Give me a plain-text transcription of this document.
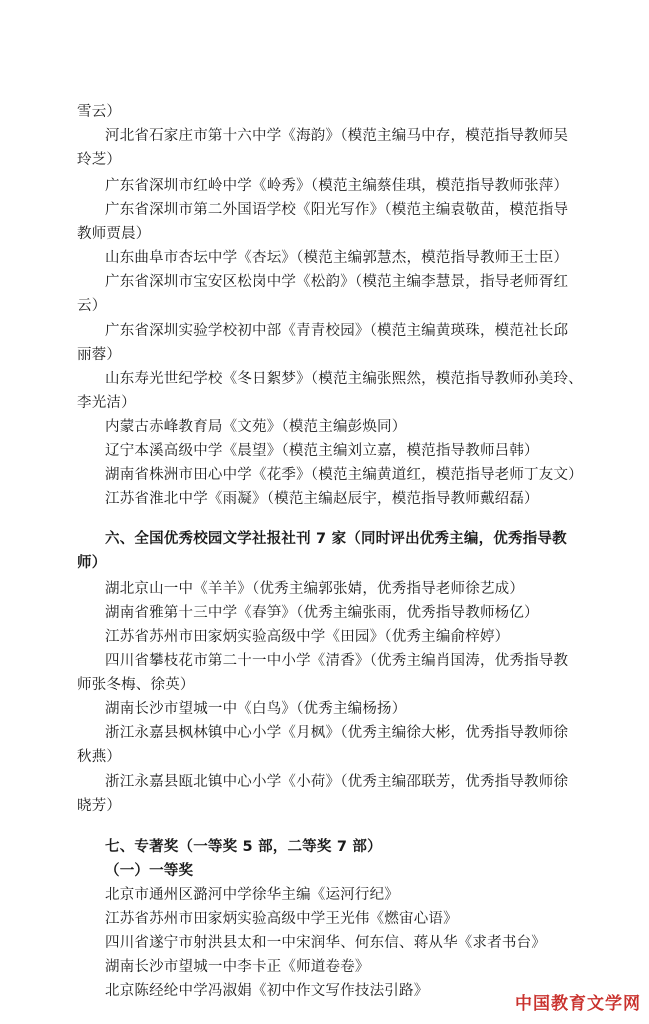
雪云）

河北省石家庄市第十六中学《海韵》（模范主编马中存，模范指导教师吴

玲芝）

广东省深圳市红岭中学《岭秀》（模范主编蔡佳琪，模范指导教师张萍）

广东省深圳市第二外国语学校《阳光写作》（模范主编袁敬苗，模范指导

教师贾晨）

山东曲阜市杏坛中学《杏坛》（模范主编郭慧杰，模范指导教师王士臣）

广东省深圳市宝安区松岗中学《松韵》（模范主编李慧景，指导老师胥红

云）

广东省深圳实验学校初中部《青青校园》（模范主编黄瑛珠，模范社长邱

丽蓉）

山东寿光世纪学校《冬日絮梦》（模范主编张熙然，模范指导教师孙美玲、

李光洁）

内蒙古赤峰教育局《文苑》（模范主编彭焕同）

辽宁本溪高级中学《晨望》（模范主编刘立嘉，模范指导教师吕韩）

湖南省株洲市田心中学《花季》（模范主编黄道红，模范指导老师丁友文）

江苏省淮北中学《雨凝》（模范主编赵辰宇，模范指导教师戴绍磊）

六、全国优秀校园文学社报社刊 7 家（同时评出优秀主编，优秀指导教

师）

湖北京山一中《羊羊》（优秀主编郭张婧，优秀指导老师徐艺成）

湖南省雅第十三中学《春笋》（优秀主编张雨，优秀指导教师杨亿）

江苏省苏州市田家炳实验高级中学《田园》（优秀主编俞梓婷）

四川省攀枝花市第二十一中小学《清香》（优秀主编肖国涛，优秀指导教

师张冬梅、徐英）

湖南长沙市望城一中《白鸟》（优秀主编杨扬）

浙江永嘉县枫林镇中心小学《月枫》（优秀主编徐大彬，优秀指导教师徐

秋燕）

浙江永嘉县瓯北镇中心小学《小荷》（优秀主编邵联芳，优秀指导教师徐

晓芳）

七、专著奖（一等奖 5 部，二等奖 7 部）

（一）一等奖

北京市通州区潞河中学徐华主编《运河行纪》

江苏省苏州市田家炳实验高级中学王光伟《燃宙心语》

四川省遂宁市射洪县太和一中宋润华、何东信、蒋从华《求者书台》

湖南长沙市望城一中李卡正《师道卷卷》

北京陈经纶中学冯淑娟《初中作文写作技法引路》

中国教育文学网
